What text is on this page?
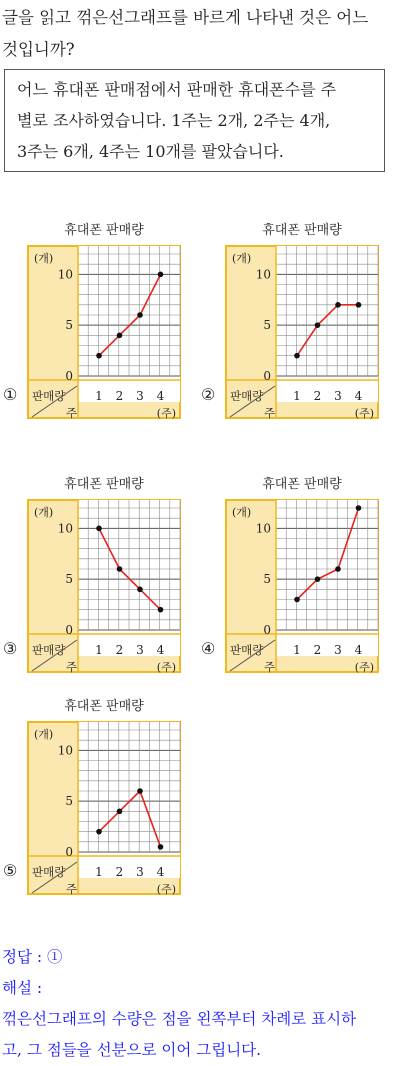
글을 읽고 꺾은선그래프를 바르게 나타낸 것은 어느
것입니까?
어느 휴대폰 판매점에서 판매한 휴대폰수를 주
별로 조사하였습니다. 1주는 2개, 2주는 4개,
3주는 6개, 4주는 10개를 팔았습니다.
휴대폰 판매량
(개)
0
5
10
1 2 3 4
판매량
주	(주)
①
휴대폰 판매량
(개)
0
5
10
1 2 3 4
판매량
주	(주)
②
휴대폰 판매량
(개)
0
5
10
1 2 3 4
판매량
주	(주)
③
휴대폰 판매량
(개)
0
5
10
1 2 3 4
판매량
주	(주)
④
휴대폰 판매량
(개)
0
5
10
1 2 3 4
판매량
주	(주)
⑤
정답 : ①
해설 :
꺾은선그래프의 수량은 점을 왼쪽부터 차례로 표시하
고, 그 점들을 선분으로 이어 그립니다.
